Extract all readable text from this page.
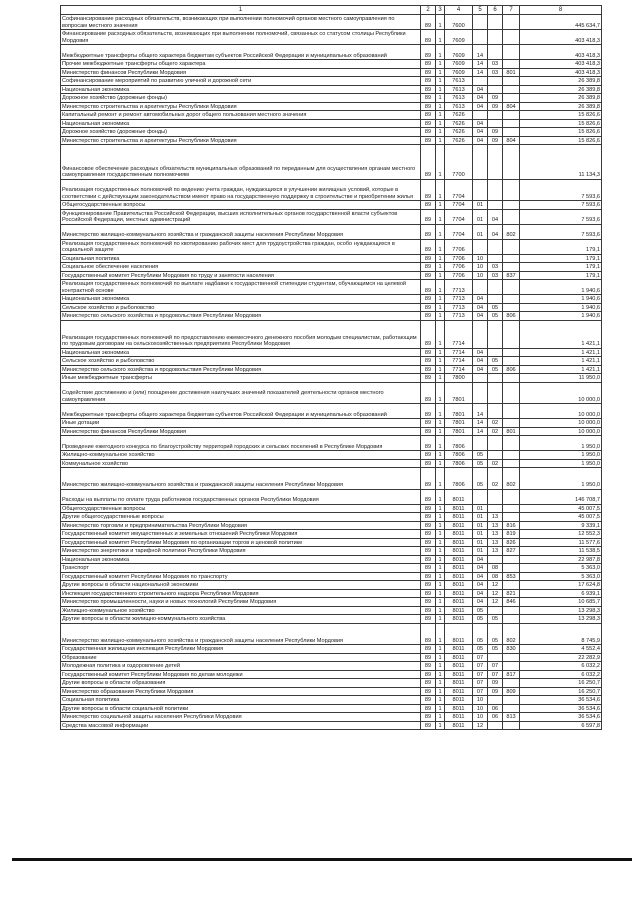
1	2	3	4	5	6	7	8
Софинансирование расходных обязательств, возникающих при выполнении полномочий органов местного самоуправления по вопросам местного значения	89	1	7600				445 634,7
Финансирование расходных обязательств, возникающих при выполнении полномочий, связанных со статусом столицы Республики Мордовия	89	1	7609				403 418,3
Межбюджетные трансферты общего характера бюджетам субъектов Российской Федерации и муниципальных образований	89	1	7609	14			403 418,3
Прочие межбюджетные трансферты общего характера	89	1	7609	14	03		403 418,3
Министерство финансов Республики Мордовия	89	1	7609	14	03	801	403 418,3
Софинансирование мероприятий по развитию уличной и дорожной сети	89	1	7613				26 389,8
Национальная экономика	89	1	7613	04			26 389,8
Дорожное хозяйство (дорожные фонды)	89	1	7613	04	09		26 389,8
Министерство строительства и архитектуры Республики Мордовия	89	1	7613	04	09	804	26 389,8
Капитальный ремонт и ремонт автомобильных дорог общего пользования местного значения	89	1	7626				15 826,6
Национальная экономика	89	1	7626	04			15 826,6
Дорожное хозяйство (дорожные фонды)	89	1	7626	04	09		15 826,6
Министерство строительства и архитектуры Республики Мордовия	89	1	7626	04	09	804	15 826,6
Финансовое обеспечение расходных обязательств муниципальных образований по переданным для осуществления органам местного самоуправления государственным полномочиям	89	1	7700				11 134,3
Реализация государственных полномочий по ведению учета граждан, нуждающихся в улучшении жилищных условий, которые в соответствии с действующим законодательством имеют право на государственную поддержку в строительстве и приобретении жилья	89	1	7704				7 593,6
Общегосударственные вопросы	89	1	7704	01			7 593,6
Функционирование Правительства Российской Федерации, высших исполнительных органов государственной власти субъектов Российской Федерации, местных администраций	89	1	7704	01	04		7 593,6
Министерство жилищно-коммунального хозяйства и гражданской защиты населения Республики Мордовия	89	1	7704	01	04	802	7 593,6
Реализация государственных полномочий по квотированию рабочих мест для трудоустройства граждан, особо нуждающихся в социальной защите	89	1	7706				179,1
Социальная политика	89	1	7706	10			179,1
Социальное обеспечение населения	89	1	7706	10	03		179,1
Государственный комитет Республики Мордовия по труду и занятости населения	89	1	7706	10	03	837	179,1
Реализация государственных полномочий по выплате надбавки к государственной стипендии студентам, обучающимся на целевой контрактной основе	89	1	7713				1 940,6
Национальная экономика	89	1	7713	04			1 940,6
Сельское хозяйство и рыболовство	89	1	7713	04	05		1 940,6
Министерство сельского хозяйства и продовольствия Республики Мордовия	89	1	7713	04	05	806	1 940,6
Реализация государственных полномочий по предоставлению ежемесячного денежного пособия молодым специалистам, работающим по трудовым договорам на сельскохозяйственных предприятиях Республики Мордовия	89	1	7714				1 421,1
Национальная экономика	89	1	7714	04			1 421,1
Сельское хозяйство и рыболовство	89	1	7714	04	05		1 421,1
Министерство сельского хозяйства и продовольствия Республики Мордовия	89	1	7714	04	05	806	1 421,1
Иные межбюджетные трансферты	89	1	7800				11 950,0
Содействие достижению и (или) поощрение достижения наилучших значений показателей деятельности органов местного самоуправления	89	1	7801				10 000,0
Межбюджетные трансферты общего характера бюджетам субъектов Российской Федерации и муниципальных образований	89	1	7801	14			10 000,0
Иные дотации	89	1	7801	14	02		10 000,0
Министерство финансов Республики Мордовия	89	1	7801	14	02	801	10 000,0
Проведение ежегодного конкурса по благоустройству территорий городских и сельских поселений в Республике Мордовия	89	1	7806				1 950,0
Жилищно-коммунальное хозяйство	89	1	7806	05			1 950,0
Коммунальное хозяйство	89	1	7806	05	02		1 950,0
Министерство жилищно-коммунального хозяйства и гражданской защиты населения Республики Мордовия	89	1	7806	05	02	802	1 950,0
Расходы на выплаты по оплате труда работников государственных органов Республики Мордовия	89	1	8011				146 708,7
Общегосударственные вопросы	89	1	8011	01			45 007,5
Другие общегосударственные вопросы	89	1	8011	01	13		45 007,5
Министерство торговли и предпринимательства Республики Мордовия	89	1	8011	01	13	816	9 339,1
Государственный комитет имущественных и земельных отношений Республики Мордовия	89	1	8011	01	13	819	12 552,3
Государственный комитет Республики Мордовия по организации торгов и ценовой политике	89	1	8011	01	13	826	11 577,6
Министерство энергетики и тарифной политики Республики Мордовия	89	1	8011	01	13	827	11 538,5
Национальная экономика	89	1	8011	04			22 987,8
Транспорт	89	1	8011	04	08		5 363,0
Государственный комитет Республики Мордовия по транспорту	89	1	8011	04	08	853	5 363,0
Другие вопросы в области национальной экономики	89	1	8011	04	12		17 624,8
Инспекция государственного строительного надзора Республики Мордовия	89	1	8011	04	12	821	6 939,1
Министерство промышленности, науки и новых технологий Республики Мордовия	89	1	8011	04	12	846	10 685,7
Жилищно-коммунальное хозяйство	89	1	8011	05			13 298,3
Другие вопросы в области жилищно-коммунального хозяйства	89	1	8011	05	05		13 298,3
Министерство жилищно-коммунального хозяйства и гражданской защиты населения Республики Мордовия	89	1	8011	05	05	802	8 745,9
Государственная жилищная инспекция Республики Мордовия	89	1	8011	05	05	830	4 552,4
Образование	89	1	8011	07			22 282,9
Молодежная политика и оздоровление детей	89	1	8011	07	07		6 032,2
Государственный комитет Республики Мордовия по делам молодежи	89	1	8011	07	07	817	6 032,2
Другие вопросы в области образования	89	1	8011	07	09		16 250,7
Министерство образования Республики Мордовия	89	1	8011	07	09	809	16 250,7
Социальная политика	89	1	8011	10			36 534,6
Другие вопросы в области социальной политики	89	1	8011	10	06		36 534,6
Министерство социальной защиты населения Республики Мордовия	89	1	8011	10	06	813	36 534,6
Средства массовой информации	89	1	8011	12			6 597,8
